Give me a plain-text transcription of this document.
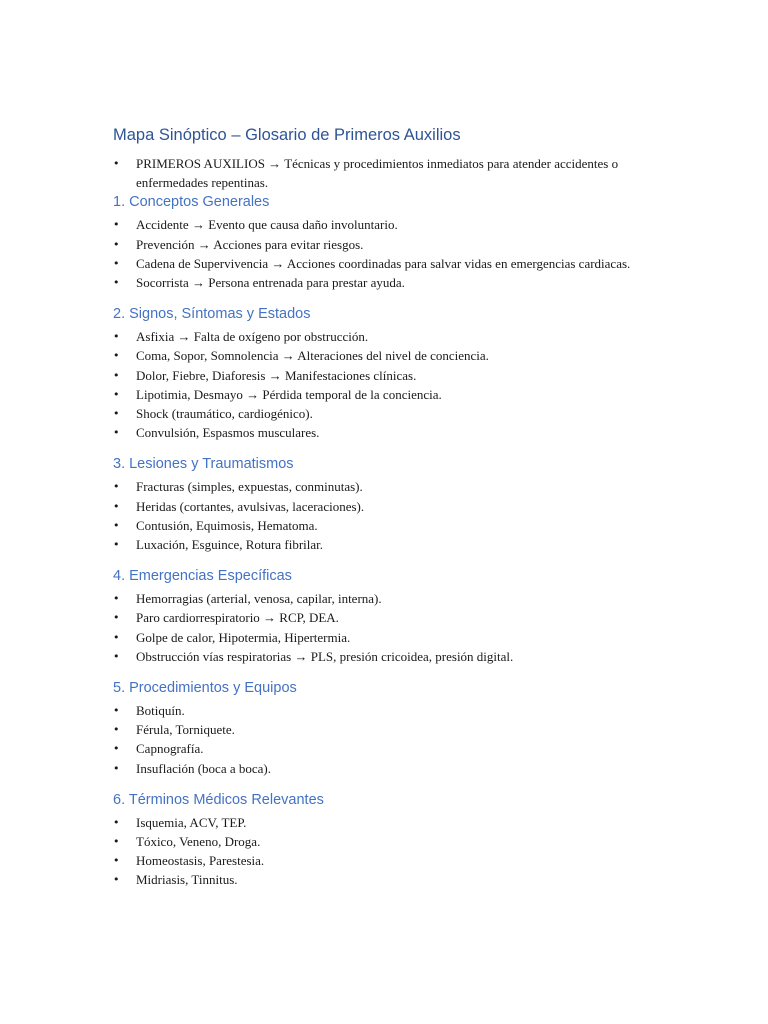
Mapa Sinóptico – Glosario de Primeros Auxilios
• PRIMEROS AUXILIOS → Técnicas y procedimientos inmediatos para atender accidentes o enfermedades repentinas.
1. Conceptos Generales
• Accidente → Evento que causa daño involuntario.
• Prevención → Acciones para evitar riesgos.
• Cadena de Supervivencia → Acciones coordinadas para salvar vidas en emergencias cardiacas.
• Socorrista → Persona entrenada para prestar ayuda.
2. Signos, Síntomas y Estados
• Asfixia → Falta de oxígeno por obstrucción.
• Coma, Sopor, Somnolencia → Alteraciones del nivel de conciencia.
• Dolor, Fiebre, Diaforesis → Manifestaciones clínicas.
• Lipotimia, Desmayo → Pérdida temporal de la conciencia.
• Shock (traumático, cardiogénico).
• Convulsión, Espasmos musculares.
3. Lesiones y Traumatismos
• Fracturas (simples, expuestas, conminutas).
• Heridas (cortantes, avulsivas, laceraciones).
• Contusión, Equimosis, Hematoma.
• Luxación, Esguince, Rotura fibrilar.
4. Emergencias Específicas
• Hemorragias (arterial, venosa, capilar, interna).
• Paro cardiorrespiratorio → RCP, DEA.
• Golpe de calor, Hipotermia, Hipertermia.
• Obstrucción vías respiratorias → PLS, presión cricoidea, presión digital.
5. Procedimientos y Equipos
• Botiquín.
• Férula, Torniquete.
• Capnografía.
• Insuflación (boca a boca).
6. Términos Médicos Relevantes
• Isquemia, ACV, TEP.
• Tóxico, Veneno, Droga.
• Homeostasis, Parestesia.
• Midriasis, Tinnitus.
